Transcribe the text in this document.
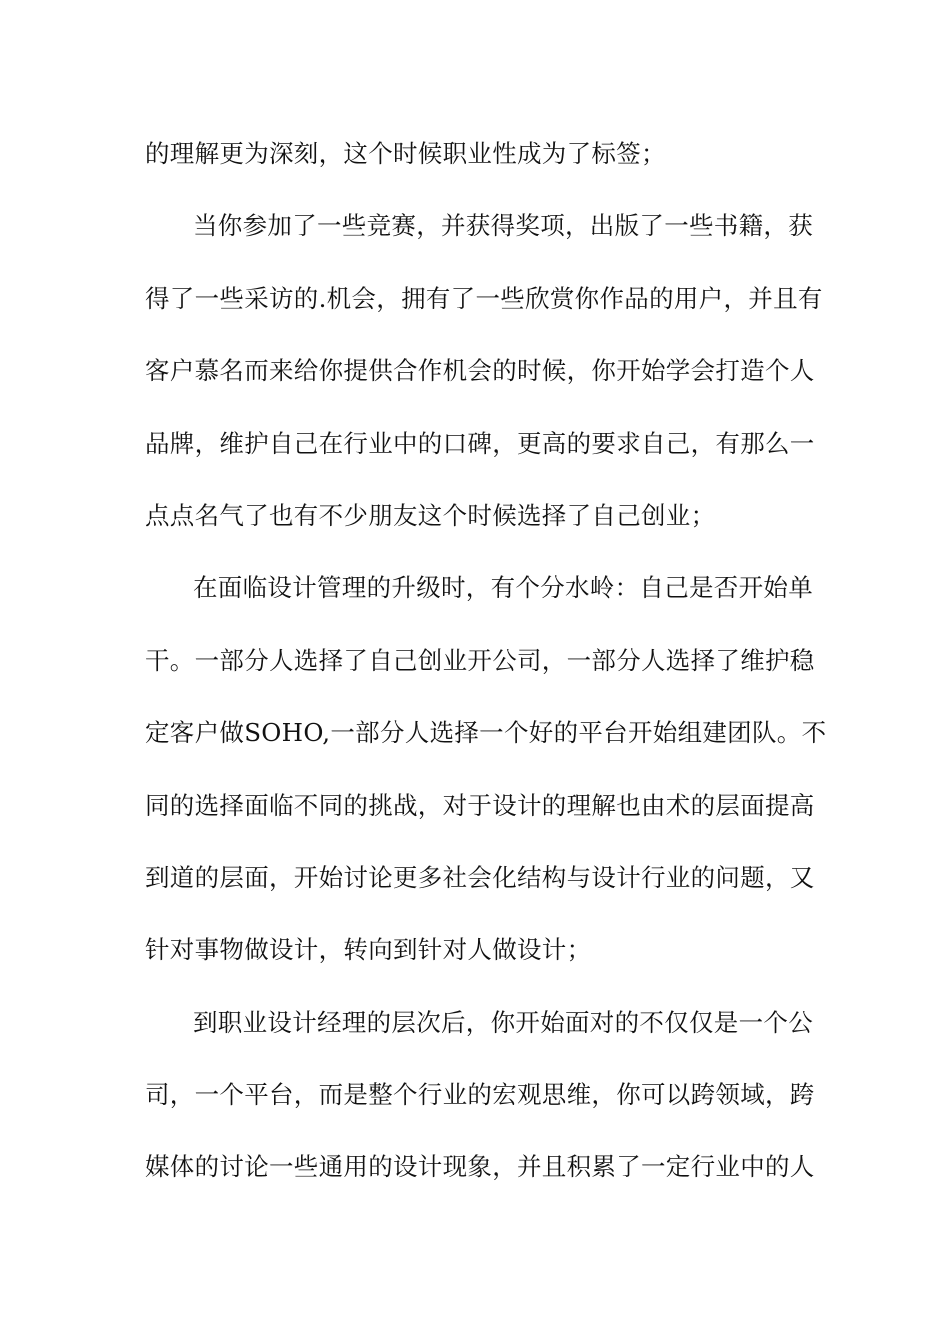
的理解更为深刻，这个时候职业性成为了标签；
当你参加了一些竞赛，并获得奖项，出版了一些书籍，获
得了一些采访的.机会，拥有了一些欣赏你作品的用户，并且有
客户慕名而来给你提供合作机会的时候，你开始学会打造个人
品牌，维护自己在行业中的口碑，更高的要求自己，有那么一
点点名气了也有不少朋友这个时候选择了自己创业；
在面临设计管理的升级时，有个分水岭：自己是否开始单
干。一部分人选择了自己创业开公司，一部分人选择了维护稳
定客户做SOHO,一部分人选择一个好的平台开始组建团队。不
同的选择面临不同的挑战，对于设计的理解也由术的层面提高
到道的层面，开始讨论更多社会化结构与设计行业的问题，又
针对事物做设计，转向到针对人做设计；
到职业设计经理的层次后，你开始面对的不仅仅是一个公
司，一个平台，而是整个行业的宏观思维，你可以跨领域，跨
媒体的讨论一些通用的设计现象，并且积累了一定行业中的人
